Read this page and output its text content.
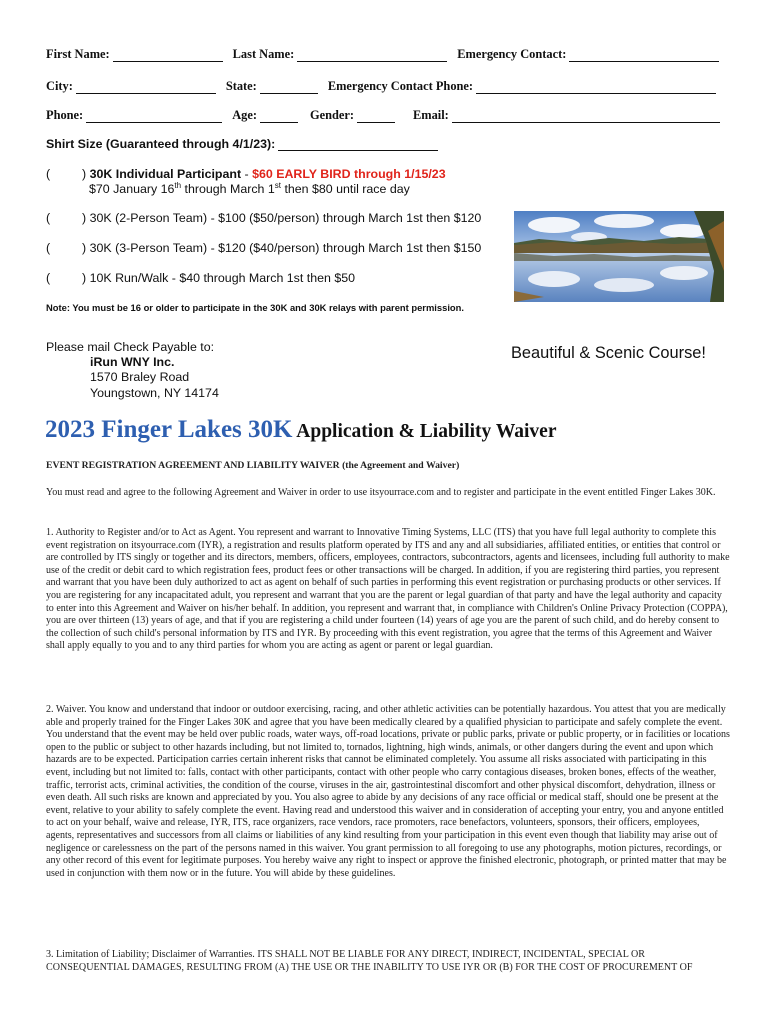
First Name:	Last Name:	Emergency Contact:
City:	State:	Emergency Contact Phone:
Phone:	Age:	Gender:	Email:
Shirt Size (Guaranteed through 4/1/23):
(	) 30K Individual Participant - $60 EARLY BIRD through 1/15/23
$70 January 16th through March 1st then $80 until race day
(	) 30K (2-Person Team) - $100 ($50/person) through March 1st then $120
(	) 30K (3-Person Team) - $120 ($40/person) through March 1st then $150
(	) 10K Run/Walk - $40 through March 1st then $50
Note: You must be 16 or older to participate in the 30K and 30K relays with parent permission.
Beautiful & Scenic Course!
Please mail Check Payable to:
iRun WNY Inc.
1570 Braley Road
Youngstown, NY 14174
2023 Finger Lakes 30K Application & Liability Waiver
EVENT REGISTRATION AGREEMENT AND LIABILITY WAIVER (the Agreement and Waiver)
You must read and agree to the following Agreement and Waiver in order to use itsyourrace.com and to register and participate in the event entitled Finger Lakes 30K.
1. Authority to Register and/or to Act as Agent. You represent and warrant to Innovative Timing Systems, LLC (ITS) that you have full legal authority to complete this event registration on itsyourrace.com (IYR), a registration and results platform operated by ITS and any and all subsidiaries, affiliated entities, or entities that control or are controlled by ITS singly or together and its directors, members, officers, employees, contractors, subcontractors, agents and licensees, including full authority to make use of the credit or debit card to which registration fees, product fees or other transactions will be charged. In addition, if you are registering third parties, you represent and warrant that you have been duly authorized to act as agent on behalf of such parties in performing this event registration or purchasing products or other services. If you are registering for any incapacitated adult, you represent and warrant that you are the parent or legal guardian of that party and have the legal authority and capacity to enter into this Agreement and Waiver on his/her behalf. In addition, you represent and warrant that, in compliance with Children's Online Privacy Protection (COPPA), you are over thirteen (13) years of age, and that if you are registering a child under fourteen (14) years of age you are the parent of such child, and do hereby consent to the collection of such child's personal information by ITS and IYR. By proceeding with this event registration, you agree that the terms of this Agreement and Waiver shall apply equally to you and to any third parties for whom you are acting as agent or parent or legal guardian.
2. Waiver. You know and understand that indoor or outdoor exercising, racing, and other athletic activities can be potentially hazardous. You attest that you are medically able and properly trained for the Finger Lakes 30K and agree that you have been medically cleared by a qualified physician to participate and safely complete the event. You understand that the event may be held over public roads, water ways, off-road locations, private or public parks, private or public property, or in facilities or locations open to the public or subject to other hazards including, but not limited to, tornados, lightning, high winds, animals, or other dangers during the event and upon which hazards are to be expected. Participation carries certain inherent risks that cannot be eliminated completely. You assume all risks associated with participating in this event, including but not limited to: falls, contact with other participants, contact with other people who carry contagious diseases, broken bones, effects of the weather, traffic, terrorist acts, criminal activities, the condition of the course, viruses in the air, gastrointestinal discomfort and other physical discomfort, dehydration, illness or even death. All such risks are known and appreciated by you. You also agree to abide by any decisions of any race official or medical staff, should one be present at the event, relative to your ability to safely complete the event. Having read and understood this waiver and in consideration of accepting your entry, you and anyone entitled to act on your behalf, waive and release, IYR, ITS, race organizers, race vendors, race promoters, race benefactors, volunteers, sponsors, their officers, employees, agents, representatives and successors from all claims or liabilities of any kind resulting from your participation in this event even though that liability may arise out of negligence or carelessness on the part of the persons named in this waiver. You grant permission to all foregoing to use any photographs, motion pictures, recordings, or any other record of this event for legitimate purposes. You hereby waive any right to inspect or approve the finished electronic, photograph, or printed matter that may be used in conjunction with them now or in the future. You will abide by these guidelines.
3. Limitation of Liability; Disclaimer of Warranties. ITS SHALL NOT BE LIABLE FOR ANY DIRECT, INDIRECT, INCIDENTAL, SPECIAL OR CONSEQUENTIAL DAMAGES, RESULTING FROM (A) THE USE OR THE INABILITY TO USE IYR OR (B) FOR THE COST OF PROCUREMENT OF
